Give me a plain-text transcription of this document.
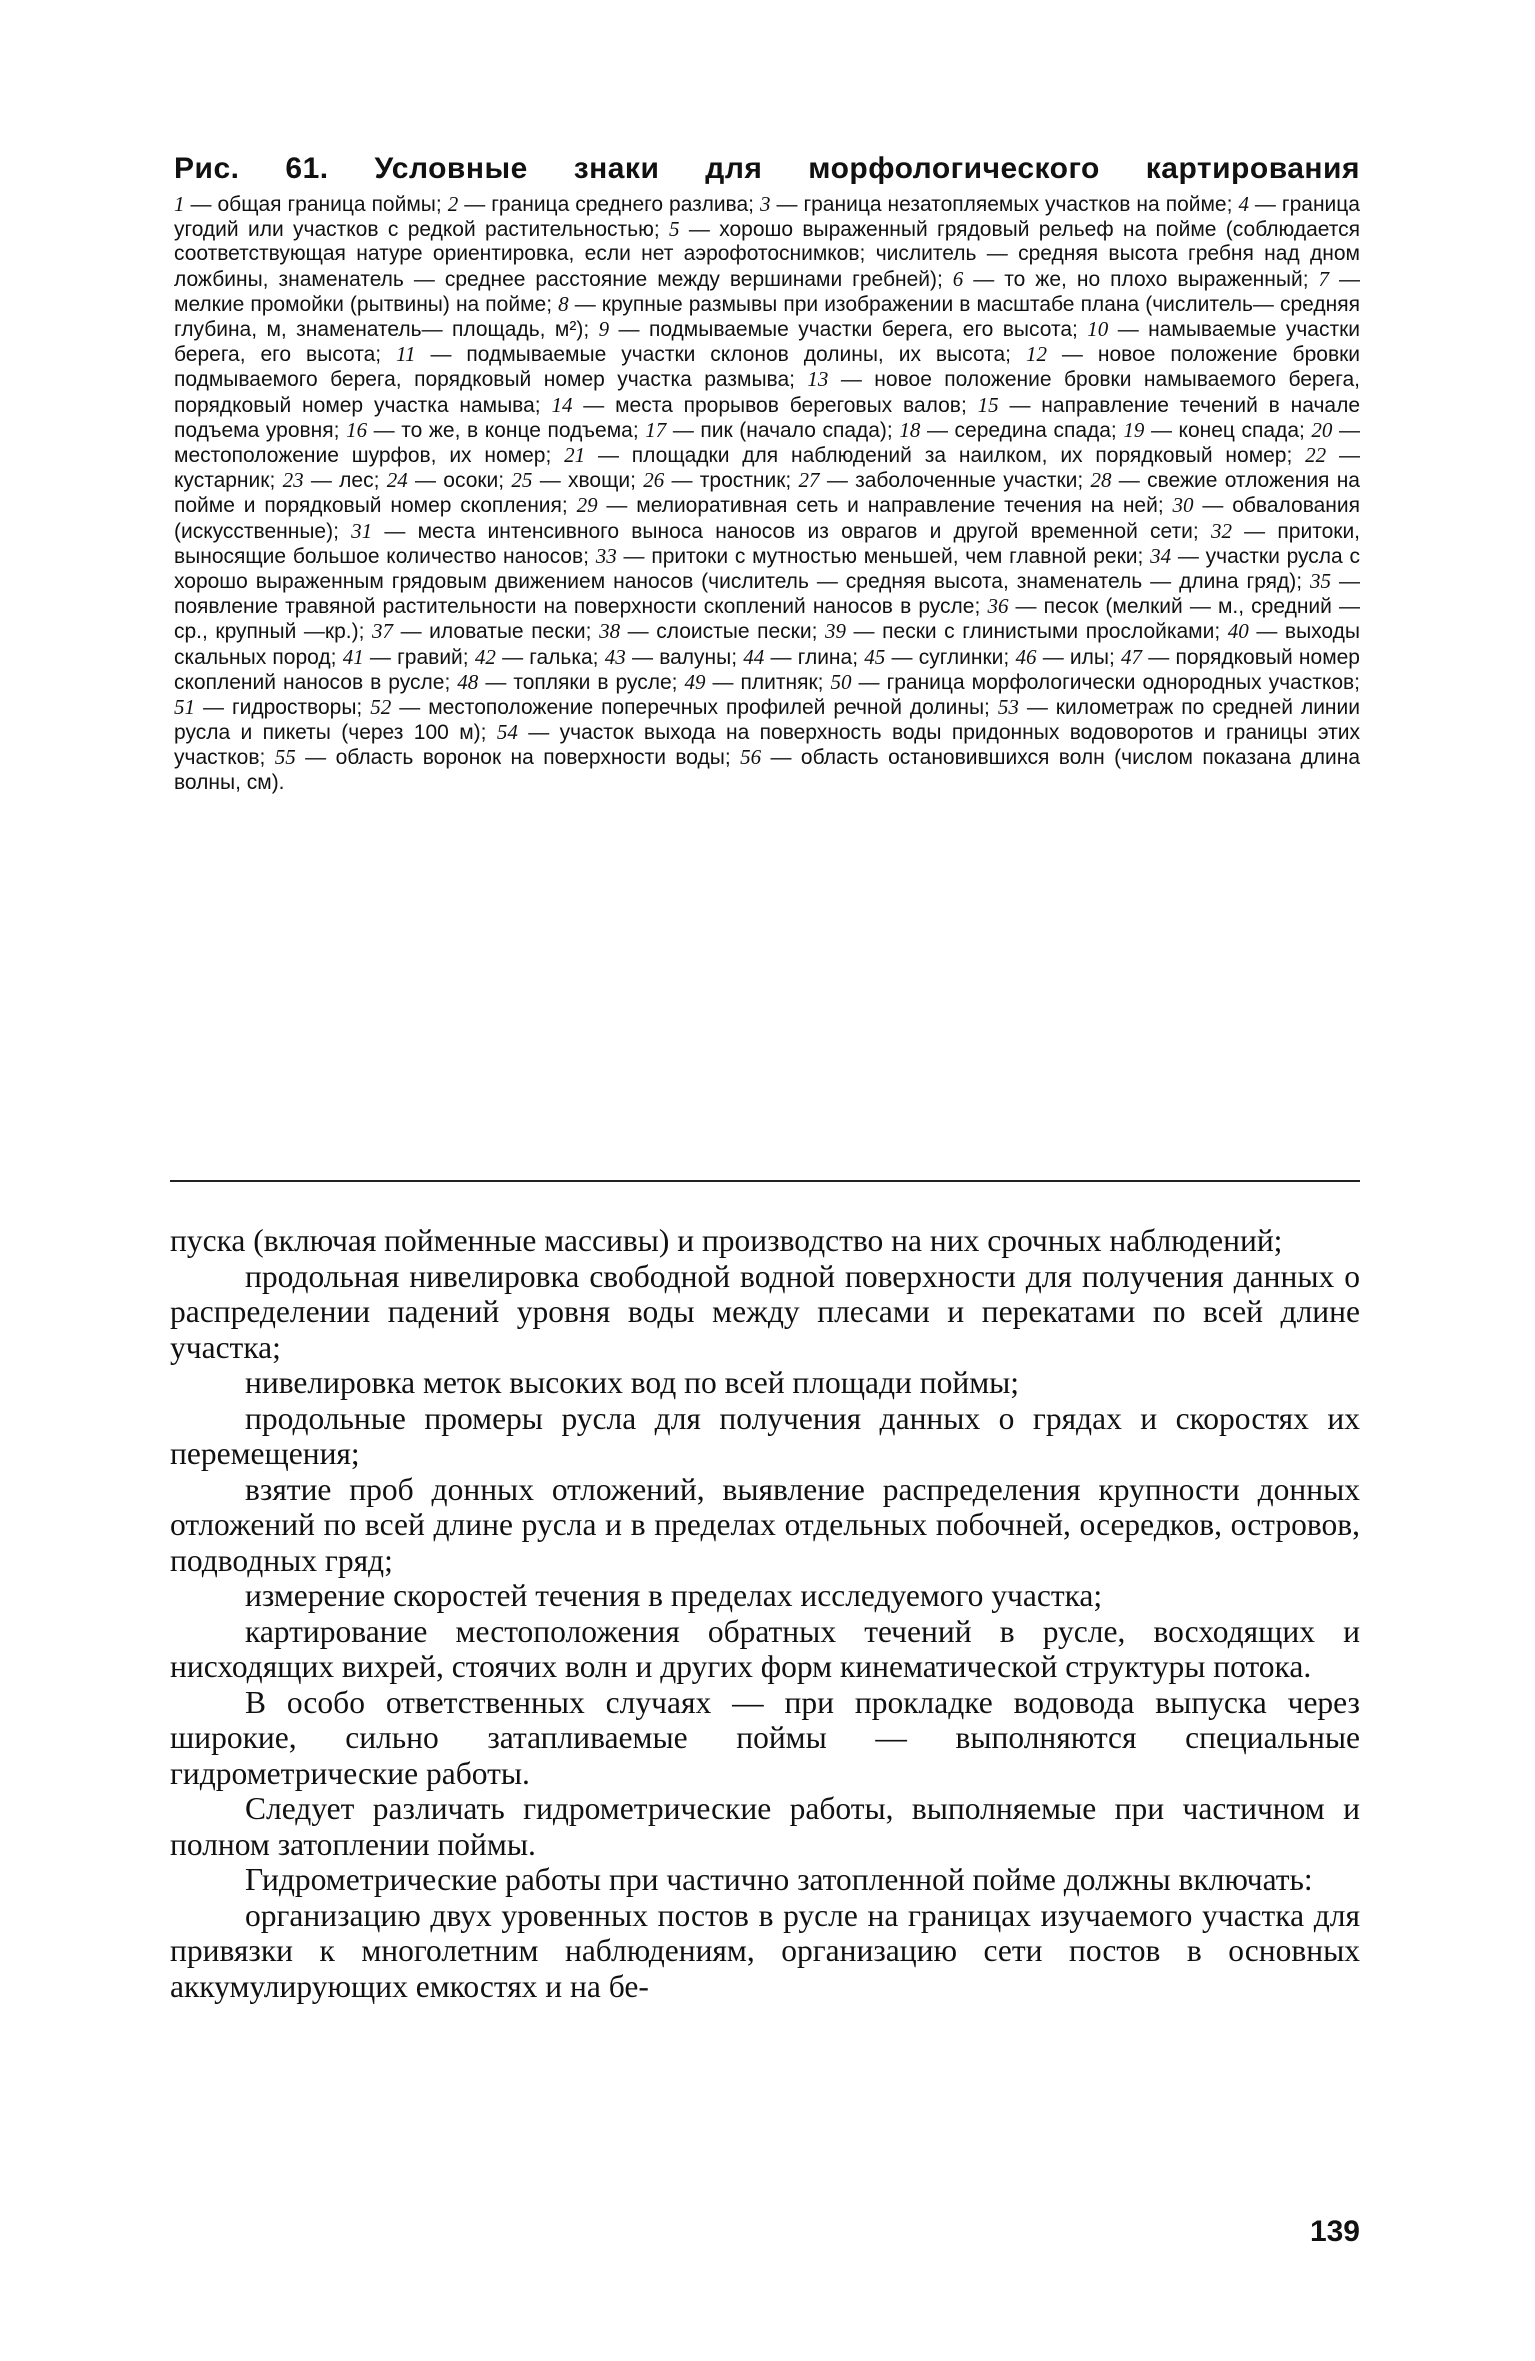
Рис. 61. Условные знаки для морфологического картирования

1 — общая граница поймы; 2 — граница среднего разлива; 3 — граница незатопляемых участков на пойме; 4 — граница угодий или участков с редкой растительностью; 5 — хорошо выраженный грядовый рельеф на пойме (соблюдается соответствующая натуре ориентировка, если нет аэрофотоснимков; числитель — средняя высота гребня над дном ложбины, знаменатель — среднее расстояние между вершинами гребней); 6 — то же, но плохо выраженный; 7 — мелкие промойки (рытвины) на пойме; 8 — крупные размывы при изображении в масштабе плана (числитель— средняя глубина, м, знаменатель— площадь, м²); 9 — подмываемые участки берега, его высота; 10 — намываемые участки берега, его высота; 11 — подмываемые участки склонов долины, их высота; 12 — новое положение бровки подмываемого берега, порядковый номер участка размыва; 13 — новое положение бровки намываемого берега, порядковый номер участка намыва; 14 — места прорывов береговых валов; 15 — направление течений в начале подъема уровня; 16 — то же, в конце подъема; 17 — пик (начало спада); 18 — середина спада; 19 — конец спада; 20 — местоположение шурфов, их номер; 21 — площадки для наблюдений за наилком, их порядковый номер; 22 — кустарник; 23 — лес; 24 — осоки; 25 — хвощи; 26 — тростник; 27 — заболоченные участки; 28 — свежие отложения на пойме и порядковый номер скопления; 29 — мелиоративная сеть и направление течения на ней; 30 — обвалования (искусственные); 31 — места интенсивного выноса наносов из оврагов и другой временной сети; 32 — притоки, выносящие большое количество наносов; 33 — притоки с мутностью меньшей, чем главной реки; 34 — участки русла с хорошо выраженным грядовым движением наносов (числитель — средняя высота, знаменатель — длина гряд); 35 — появление травяной растительности на поверхности скоплений наносов в русле; 36 — песок (мелкий — м., средний — ср., крупный —кр.); 37 — иловатые пески; 38 — слоистые пески; 39 — пески с глинистыми прослойками; 40 — выходы скальных пород; 41 — гравий; 42 — галька; 43 — валуны; 44 — глина; 45 — суглинки; 46 — илы; 47 — порядковый номер скоплений наносов в русле; 48 — топляки в русле; 49 — плитняк; 50 — граница морфологически однородных участков; 51 — гидростворы; 52 — местоположение поперечных профилей речной долины; 53 — километраж по средней линии русла и пикеты (через 100 м); 54 — участок выхода на поверхность воды придонных водоворотов и границы этих участков; 55 — область воронок на поверхности воды; 56 — область остановившихся волн (числом показана длина волны, см).

пуска (включая пойменные массивы) и производство на них срочных наблюдений;

продольная нивелировка свободной водной поверхности для получения данных о распределении падений уровня воды между плесами и перекатами по всей длине участка;

нивелировка меток высоких вод по всей площади поймы;

продольные промеры русла для получения данных о грядах и скоростях их перемещения;

взятие проб донных отложений, выявление распределения крупности донных отложений по всей длине русла и в пределах отдельных побочней, осередков, островов, подводных гряд;

измерение скоростей течения в пределах исследуемого участка;

картирование местоположения обратных течений в русле, восходящих и нисходящих вихрей, стоячих волн и других форм кинематической структуры потока.

В особо ответственных случаях — при прокладке водовода выпуска через широкие, сильно затапливаемые поймы — выполняются специальные гидрометрические работы.

Следует различать гидрометрические работы, выполняемые при частичном и полном затоплении поймы.

Гидрометрические работы при частично затопленной пойме должны включать:

организацию двух уровенных постов в русле на границах изучаемого участка для привязки к многолетним наблюдениям, организацию сети постов в основных аккумулирующих емкостях и на бе-

139
